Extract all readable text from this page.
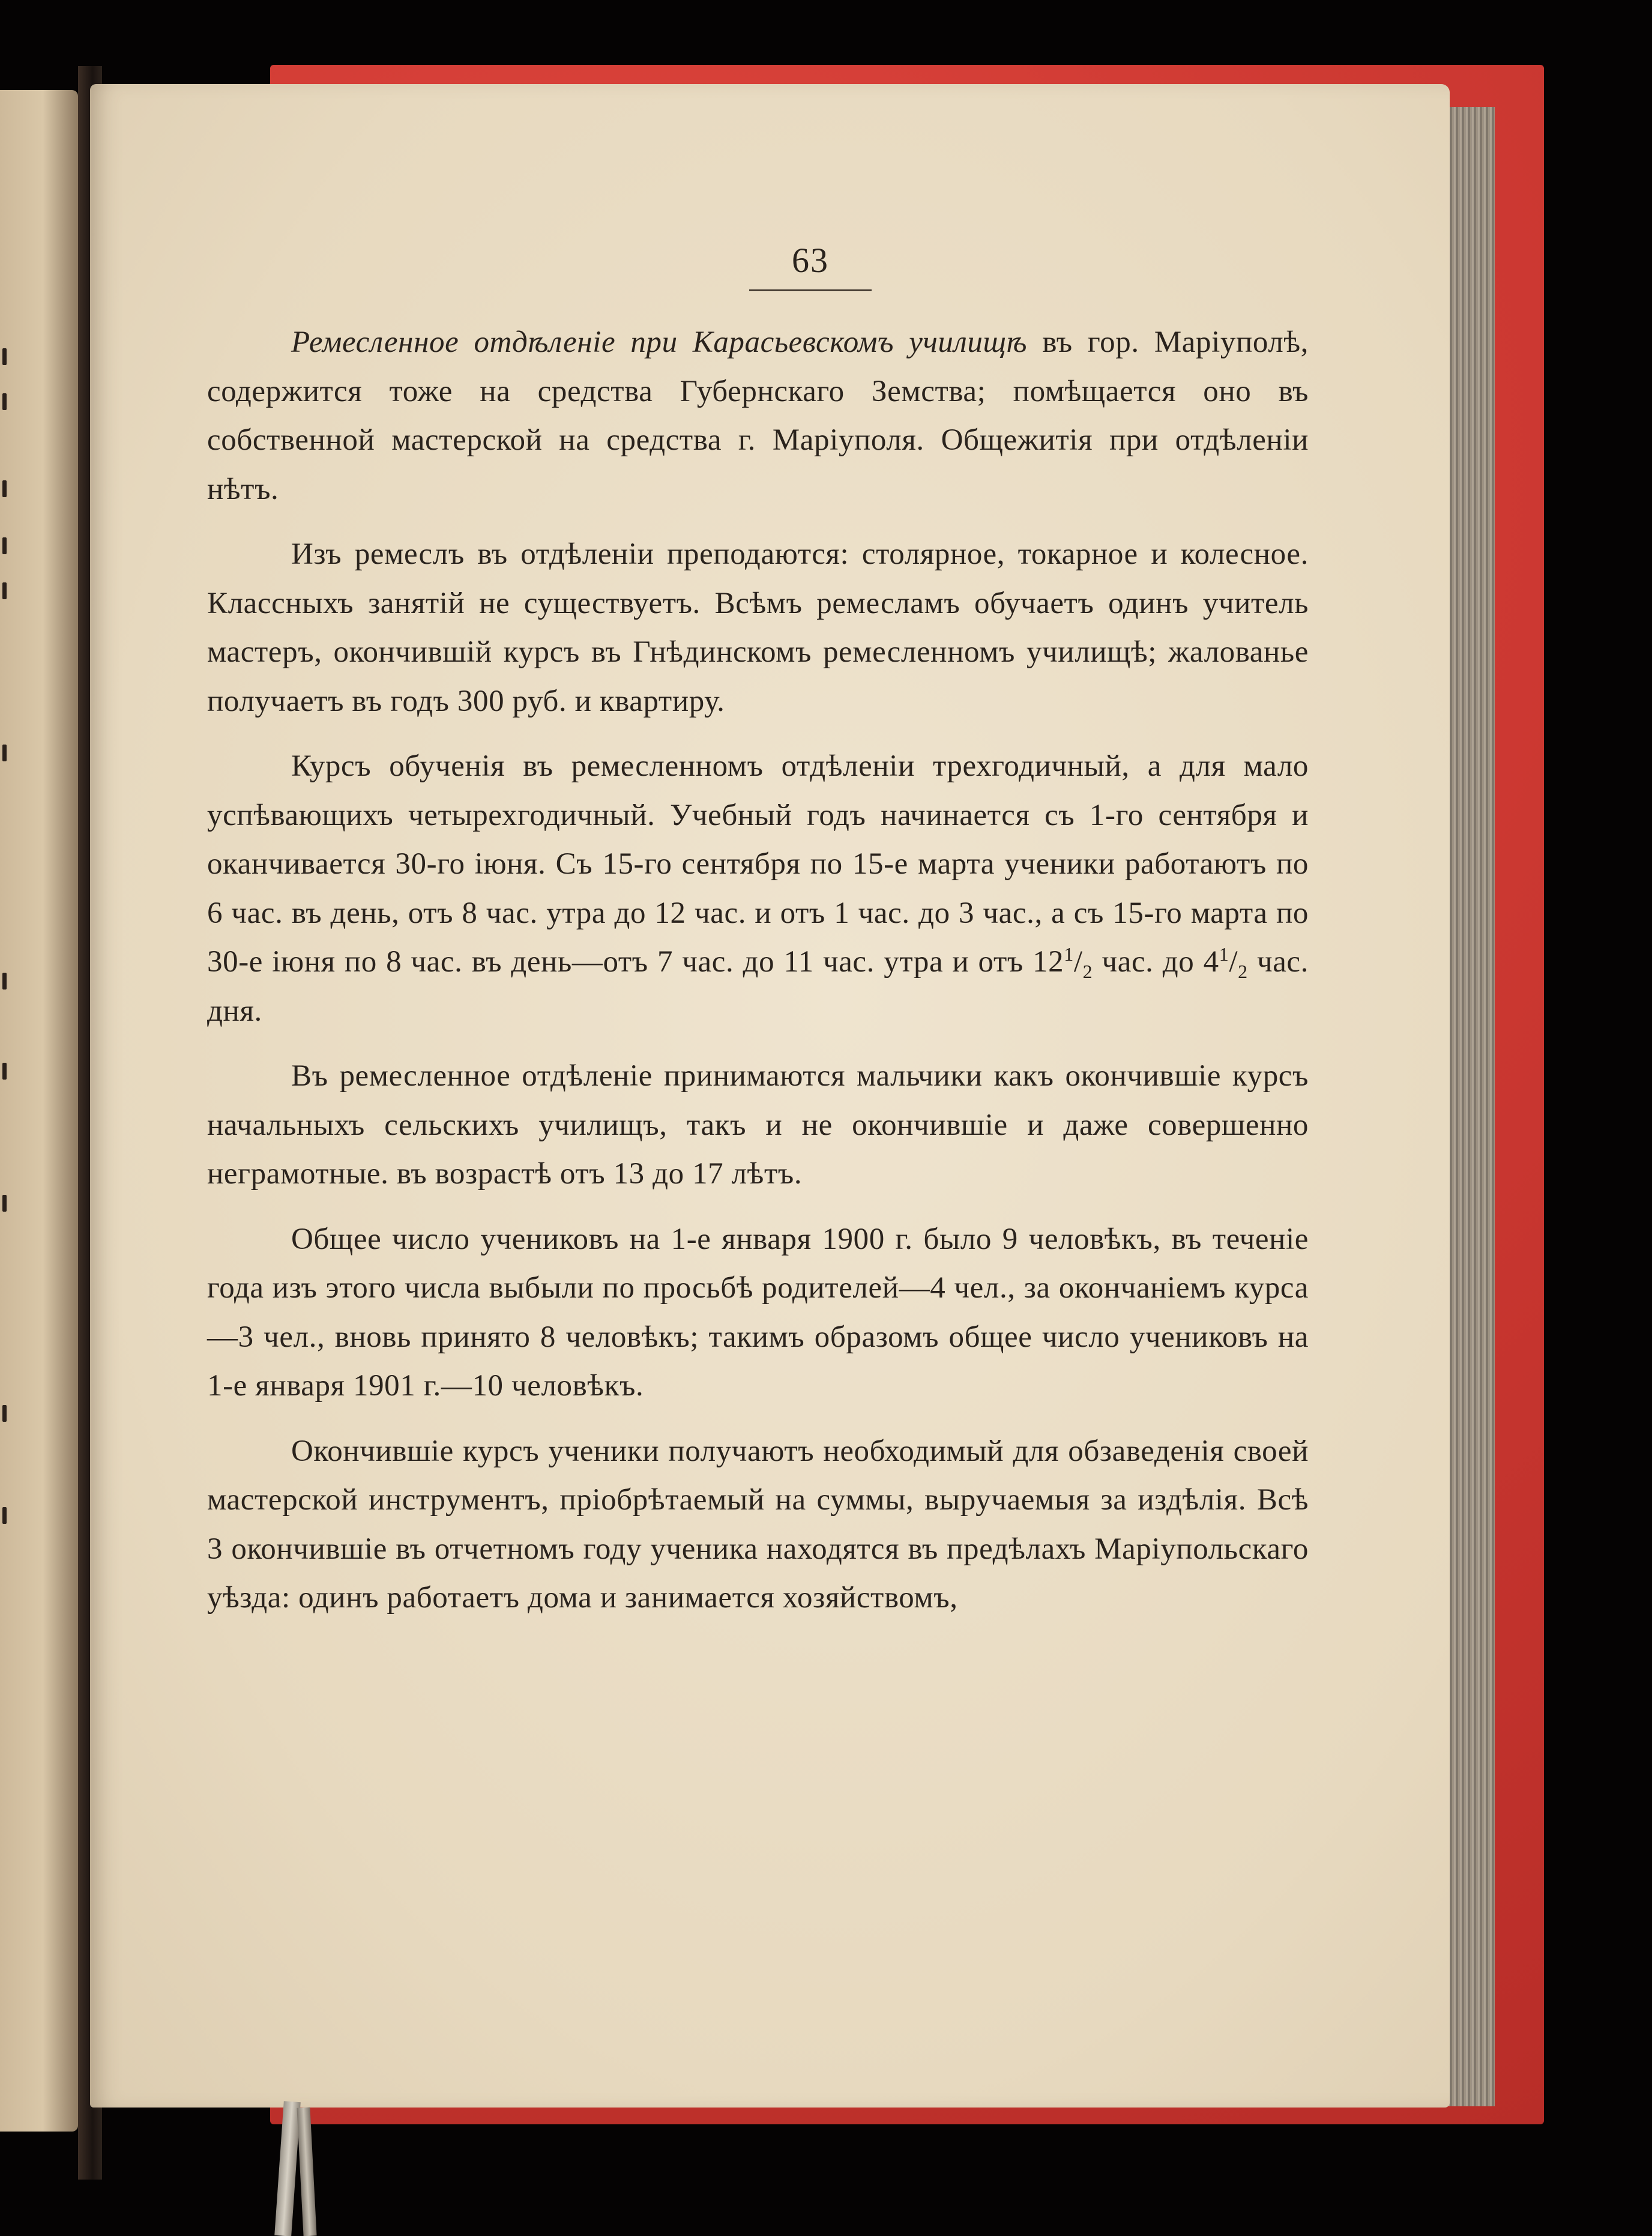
63

Ремесленное отдѣленіе при Карасьевскомъ училищѣ въ гор. Маріуполѣ, содержится тоже на средства Губернскаго Земства; помѣщается оно въ собственной мастерской на средства г. Маріуполя. Общежитія при отдѣленіи нѣтъ.

Изъ ремеслъ въ отдѣленіи преподаются: столярное, токарное и колесное. Классныхъ занятій не существуетъ. Всѣмъ ремесламъ обучаетъ одинъ учитель мастеръ, окончившій курсъ въ Гнѣдинскомъ ремесленномъ училищѣ; жалованье получаетъ въ годъ 300 руб. и квартиру.

Курсъ обученія въ ремесленномъ отдѣленіи трехгодичный, а для мало успѣвающихъ четырехгодичный. Учебный годъ начинается съ 1-го сентября и оканчивается 30-го іюня. Съ 15-го сентября по 15-е марта ученики работаютъ по 6 час. въ день, отъ 8 час. утра до 12 час. и отъ 1 час. до 3 час., а съ 15-го марта по 30-е іюня по 8 час. въ день—отъ 7 час. до 11 час. утра и отъ $12^1/_2$ час. до $4^1/_2$ час. дня.

Въ ремесленное отдѣленіе принимаются мальчики какъ окончившіе курсъ начальныхъ сельскихъ училищъ, такъ и не окончившіе и даже совершенно неграмотные. въ возрастѣ отъ 13 до 17 лѣтъ.

Общее число учениковъ на 1-е января 1900 г. было 9 человѣкъ, въ теченіе года изъ этого числа выбыли по просьбѣ родителей—4 чел., за окончаніемъ курса—3 чел., вновь принято 8 человѣкъ; такимъ образомъ общее число учениковъ на 1-е января 1901 г.—10 человѣкъ.

Окончившіе курсъ ученики получаютъ необходимый для обзаведенія своей мастерской инструментъ, пріобрѣтаемый на суммы, выручаемыя за издѣлія. Всѣ 3 окончившіе въ отчетномъ году ученика находятся въ предѣлахъ Маріупольскаго уѣзда: одинъ работаетъ дома и занимается хозяйствомъ,
